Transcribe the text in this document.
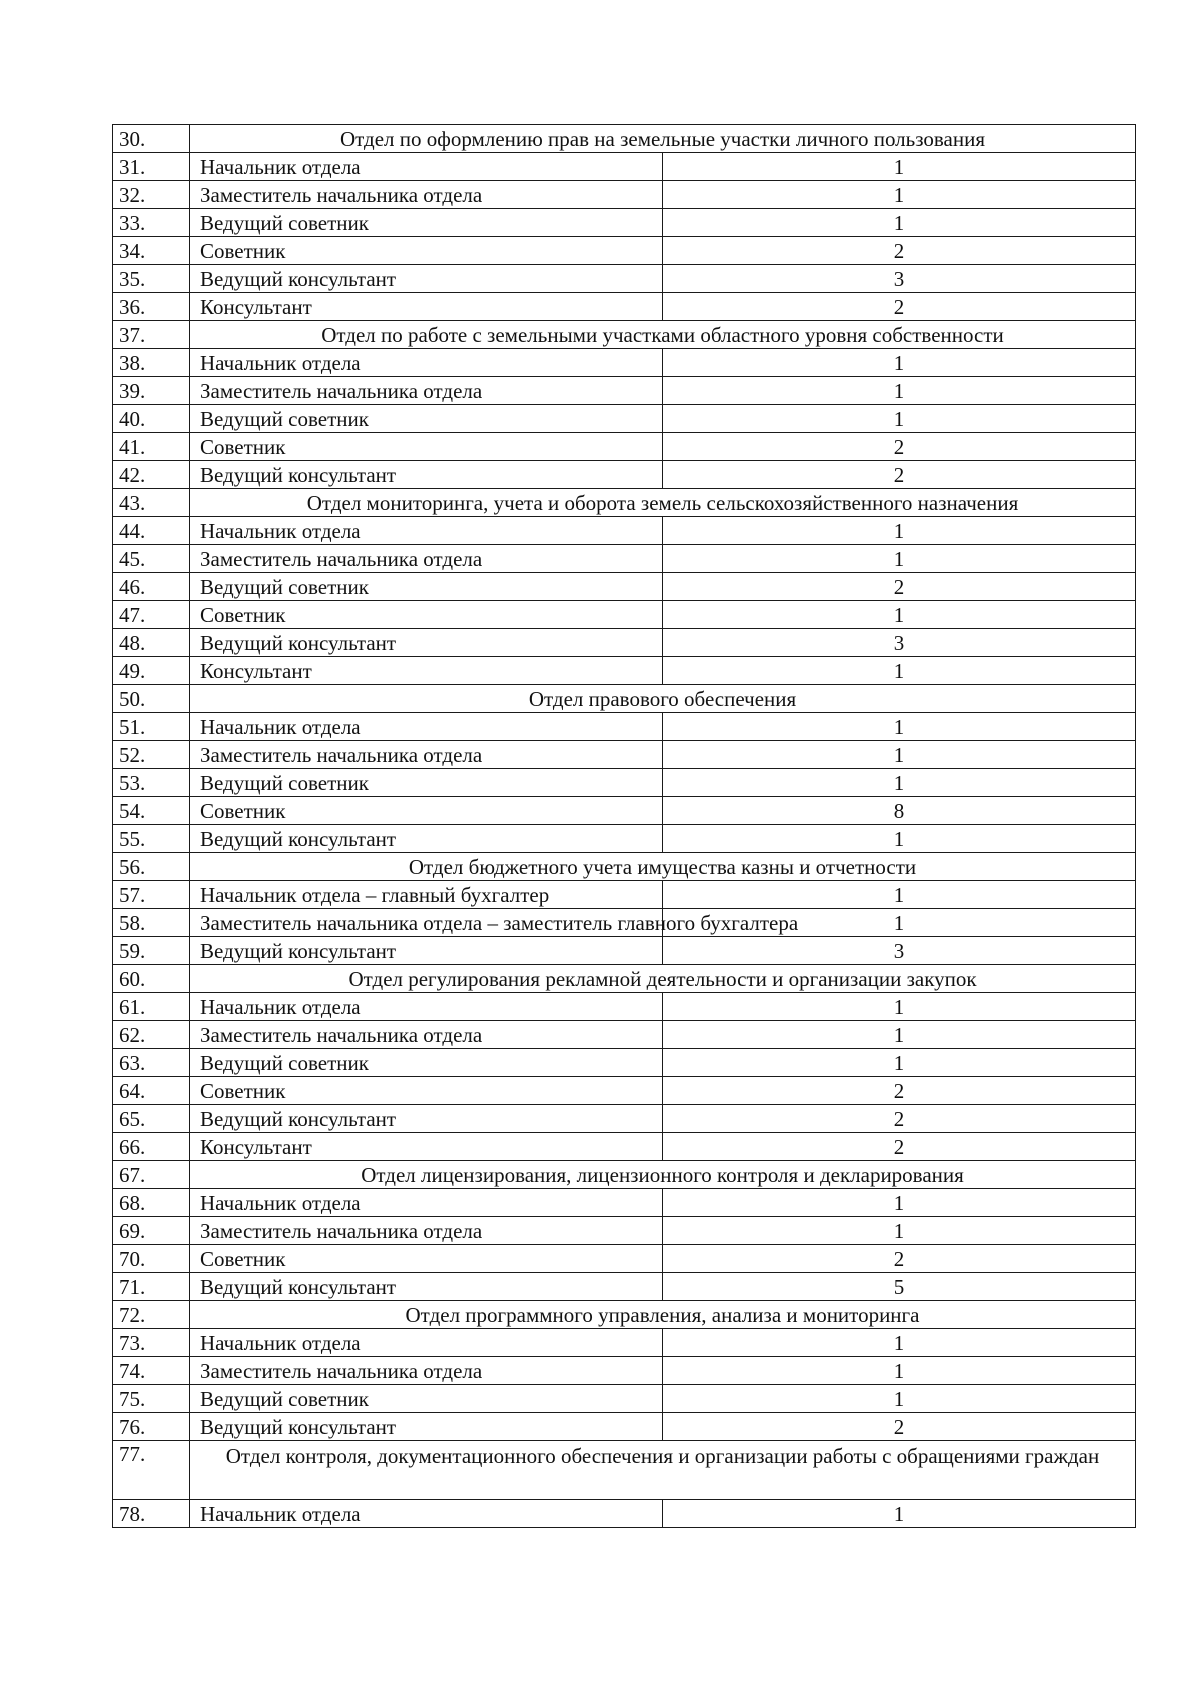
30.	Отдел по оформлению прав на земельные участки личного пользования	
31.	Начальник отдела	1
32.	Заместитель начальника отдела	1
33.	Ведущий советник	1
34.	Советник	2
35.	Ведущий консультант	3
36.	Консультант	2
37.	Отдел по работе с земельными участками областного уровня собственности	
38.	Начальник отдела	1
39.	Заместитель начальника отдела	1
40.	Ведущий советник	1
41.	Советник	2
42.	Ведущий консультант	2
43.	Отдел мониторинга, учета и оборота земель сельскохозяйственного назначения	
44.	Начальник отдела	1
45.	Заместитель начальника отдела	1
46.	Ведущий советник	2
47.	Советник	1
48.	Ведущий консультант	3
49.	Консультант	1
50.	Отдел правового обеспечения	
51.	Начальник отдела	1
52.	Заместитель начальника отдела	1
53.	Ведущий советник	1
54.	Советник	8
55.	Ведущий консультант	1
56.	Отдел бюджетного учета имущества казны и отчетности	
57.	Начальник отдела – главный бухгалтер	1
58.	Заместитель начальника отдела – заместитель главного бухгалтера	1
59.	Ведущий консультант	3
60.	Отдел регулирования рекламной деятельности и организации закупок	
61.	Начальник отдела	1
62.	Заместитель начальника отдела	1
63.	Ведущий советник	1
64.	Советник	2
65.	Ведущий консультант	2
66.	Консультант	2
67.	Отдел лицензирования, лицензионного контроля и декларирования	
68.	Начальник отдела	1
69.	Заместитель начальника отдела	1
70.	Советник	2
71.	Ведущий консультант	5
72.	Отдел программного управления, анализа и мониторинга	
73.	Начальник отдела	1
74.	Заместитель начальника отдела	1
75.	Ведущий советник	1
76.	Ведущий консультант	2
77.	Отдел контроля, документационного обеспечения и организации работы с обращениями граждан	
78.	Начальник отдела	1
